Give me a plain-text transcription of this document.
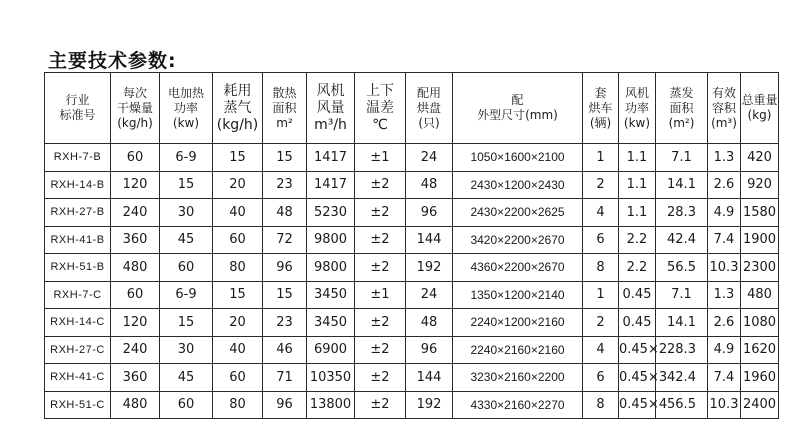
主要技术参数:
行业
标准号	每次
干燥量
(kg/h)	电加热
功率
(kw)	耗用
蒸气
(kg/h)	散热
面积
m²	风机
风量
m³/h	上下
温差
℃	配用
烘盘
(只)	配
外型尺寸(mm)	套
烘车
(辆)	风机
功率
(kw)	蒸发
面积
(m²)	有效
容积
(m³)	总重量
(kg)

RXH-7-B	60	6-9	15	15	1417	±1	24	1050×1600×2100	1	1.1	7.1	1.3	420
RXH-14-B	120	15	20	23	1417	±2	48	2430×1200×2430	2	1.1	14.1	2.6	920
RXH-27-B	240	30	40	48	5230	±2	96	2430×2200×2625	4	1.1	28.3	4.9	1580
RXH-41-B	360	45	60	72	9800	±2	144	3420×2200×2670	6	2.2	42.4	7.4	1900
RXH-51-B	480	60	80	96	9800	±2	192	4360×2200×2670	8	2.2	56.5	10.3	2300
RXH-7-C	60	6-9	15	15	3450	±1	24	1350×1200×2140	1	0.45	7.1	1.3	480
RXH-14-C	120	15	20	23	3450	±2	48	2240×1200×2160	2	0.45	14.1	2.6	1080
RXH-27-C	240	30	40	46	6900	±2	96	2240×2160×2160	4	0.45×2	28.3	4.9	1620
RXH-41-C	360	45	60	71	10350	±2	144	3230×2160×2200	6	0.45×3	42.4	7.4	1960
RXH-51-C	480	60	80	96	13800	±2	192	4330×2160×2270	8	0.45×4	56.5	10.3	2400
